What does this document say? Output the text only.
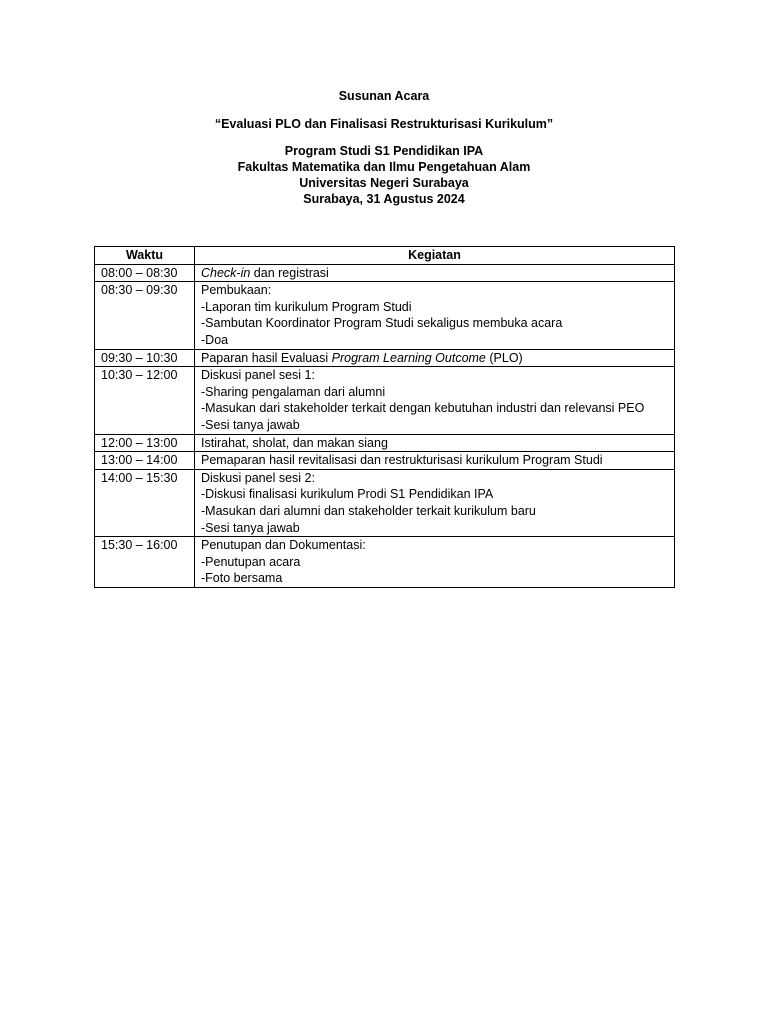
Susunan Acara
“Evaluasi PLO dan Finalisasi Restrukturisasi Kurikulum”
Program Studi S1 Pendidikan IPA
Fakultas Matematika dan Ilmu Pengetahuan Alam
Universitas Negeri Surabaya
Surabaya, 31 Agustus 2024
Waktu	Kegiatan
08:00 – 08:30	Check-in dan registrasi

08:30 – 09:30	Pembukaan:
-Laporan tim kurikulum Program Studi
-Sambutan Koordinator Program Studi sekaligus membuka acara
-Doa

09:30 – 10:30	Paparan hasil Evaluasi Program Learning Outcome (PLO)

10:30 – 12:00	Diskusi panel sesi 1:
-Sharing pengalaman dari alumni
-Masukan dari stakeholder terkait dengan kebutuhan industri dan relevansi PEO
-Sesi tanya jawab

12:00 – 13:00	Istirahat, sholat, dan makan siang

13:00 – 14:00	Pemaparan hasil revitalisasi dan restrukturisasi kurikulum Program Studi

14:00 – 15:30	Diskusi panel sesi 2:
-Diskusi finalisasi kurikulum Prodi S1 Pendidikan IPA
-Masukan dari alumni dan stakeholder terkait kurikulum baru
-Sesi tanya jawab

15:30 – 16:00	Penutupan dan Dokumentasi:
-Penutupan acara
-Foto bersama
